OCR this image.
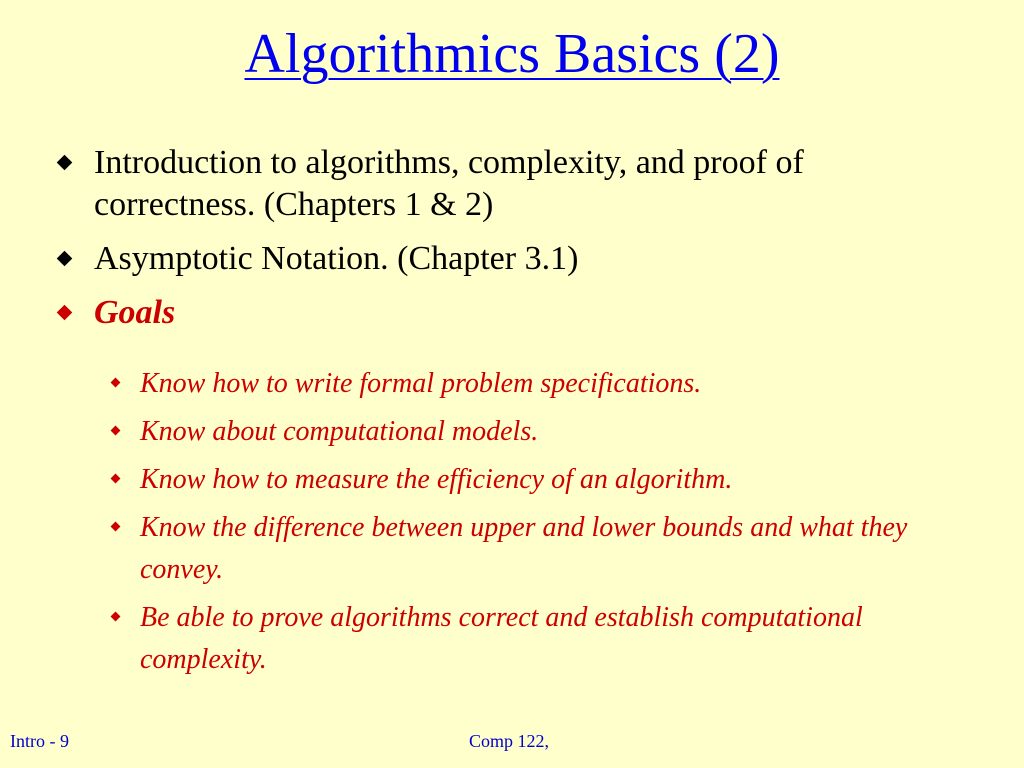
Algorithmics Basics (2)
Introduction to algorithms, complexity, and proof of correctness. (Chapters 1 & 2)
Asymptotic Notation. (Chapter 3.1)
Goals
Know how to write formal problem specifications.
Know about computational models.
Know how to measure the efficiency of an algorithm.
Know the difference between upper and lower bounds and what they convey.
Be able to prove algorithms correct and establish computational complexity.
Intro - 9	Comp 122,
